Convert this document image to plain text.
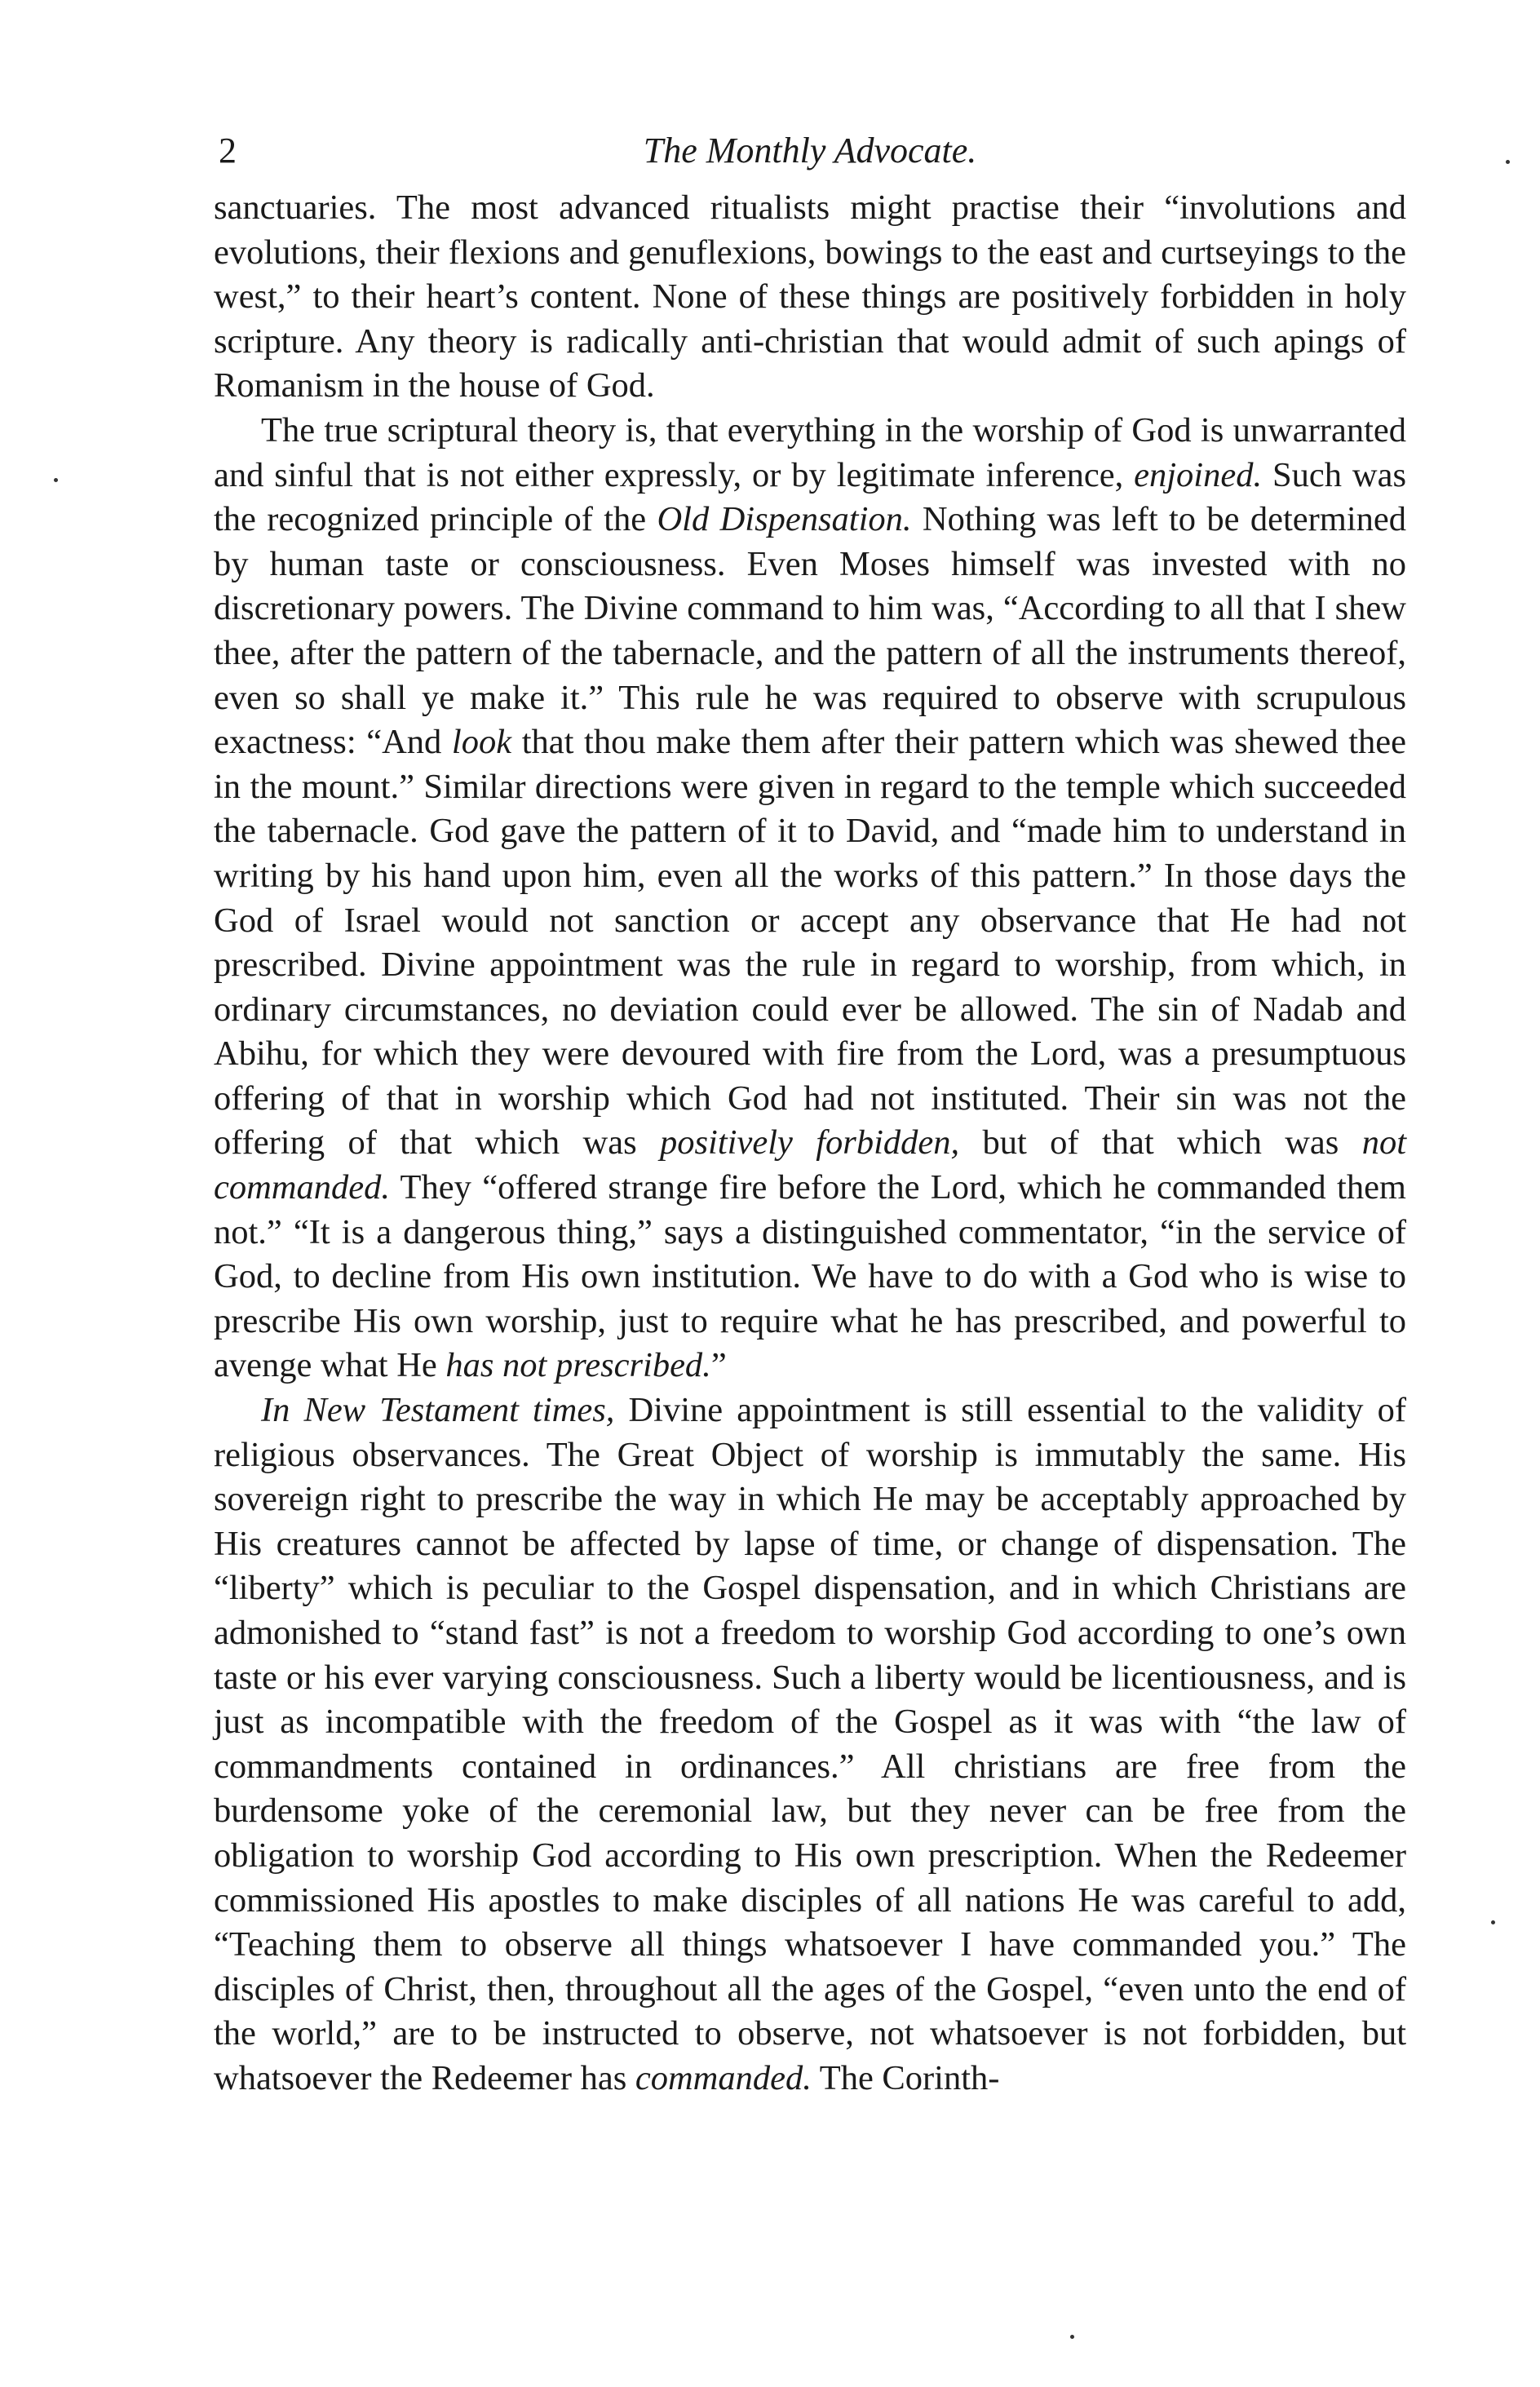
2	The Monthly Advocate.

sanctuaries. The most advanced ritualists might practise their “involutions and evolutions, their flexions and genuflexions, bowings to the east and curtseyings to the west,” to their heart’s content. None of these things are positively forbidden in holy scripture. Any theory is radically anti-christian that would admit of such apings of Romanism in the house of God.

The true scriptural theory is, that everything in the worship of God is unwarranted and sinful that is not either expressly, or by legitimate inference, enjoined. Such was the recognized principle of the Old Dispensation. Nothing was left to be determined by human taste or consciousness. Even Moses himself was invested with no discretionary powers. The Divine command to him was, “According to all that I shew thee, after the pattern of the tabernacle, and the pattern of all the instruments thereof, even so shall ye make it.” This rule he was required to observe with scrupulous exactness: “And look that thou make them after their pattern which was shewed thee in the mount.” Similar directions were given in regard to the temple which succeeded the tabernacle. God gave the pattern of it to David, and “made him to understand in writing by his hand upon him, even all the works of this pattern.” In those days the God of Israel would not sanction or accept any observance that He had not prescribed. Divine appointment was the rule in regard to worship, from which, in ordinary circumstances, no deviation could ever be allowed. The sin of Nadab and Abihu, for which they were devoured with fire from the Lord, was a presumptuous offering of that in worship which God had not instituted. Their sin was not the offering of that which was positively forbidden, but of that which was not commanded. They “offered strange fire before the Lord, which he commanded them not.” “It is a dangerous thing,” says a distinguished commentator, “in the service of God, to decline from His own institution. We have to do with a God who is wise to prescribe His own worship, just to require what he has prescribed, and powerful to avenge what He has not prescribed.”

In New Testament times, Divine appointment is still essential to the validity of religious observances. The Great Object of worship is immutably the same. His sovereign right to prescribe the way in which He may be acceptably approached by His creatures cannot be affected by lapse of time, or change of dispensation. The “liberty” which is peculiar to the Gospel dispensation, and in which Christians are admonished to “stand fast” is not a freedom to worship God according to one’s own taste or his ever varying consciousness. Such a liberty would be licentiousness, and is just as incompatible with the freedom of the Gospel as it was with “the law of commandments contained in ordinances.” All christians are free from the burdensome yoke of the ceremonial law, but they never can be free from the obligation to worship God according to His own prescription. When the Redeemer commissioned His apostles to make disciples of all nations He was careful to add, “Teaching them to observe all things whatsoever I have commanded you.” The disciples of Christ, then, throughout all the ages of the Gospel, “even unto the end of the world,” are to be instructed to observe, not whatsoever is not forbidden, but whatsoever the Redeemer has commanded. The Corinth-
